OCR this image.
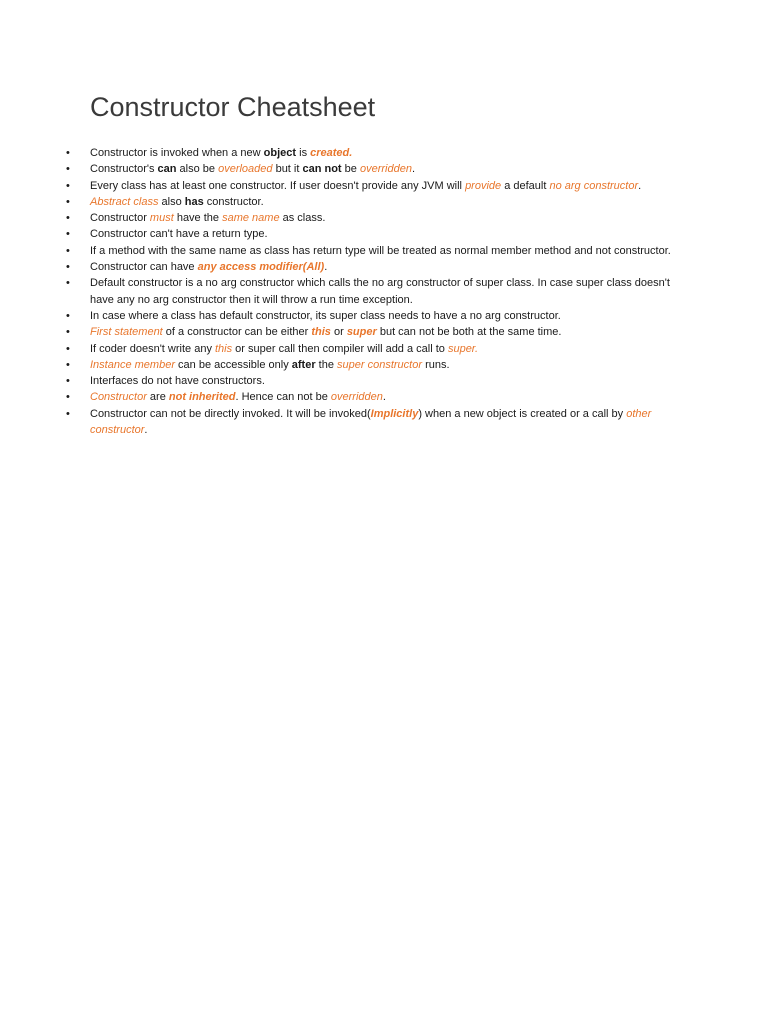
Constructor Cheatsheet
• Constructor is invoked when a new object is created.
• Constructor's can also be overloaded but it can not be overridden.
• Every class has at least one constructor. If user doesn't provide any JVM will provide a default no arg constructor.
• Abstract class also has constructor.
• Constructor must have the same name as class.
• Constructor can't have a return type.
• If a method with the same name as class has return type will be treated as normal member method and not constructor.
• Constructor can have any access modifier(All).
• Default constructor is a no arg constructor which calls the no arg constructor of super class. In case super class doesn't have any no arg constructor then it will throw a run time exception.
• In case where a class has default constructor, its super class needs to have a no arg constructor.
• First statement of a constructor can be either this or super but can not be both at the same time.
• If coder doesn't write any this or super call then compiler will add a call to super.
• Instance member can be accessible only after the super constructor runs.
• Interfaces do not have constructors.
• Constructor are not inherited. Hence can not be overridden.
• Constructor can not be directly invoked. It will be invoked(Implicitly) when a new object is created or a call by other constructor.
